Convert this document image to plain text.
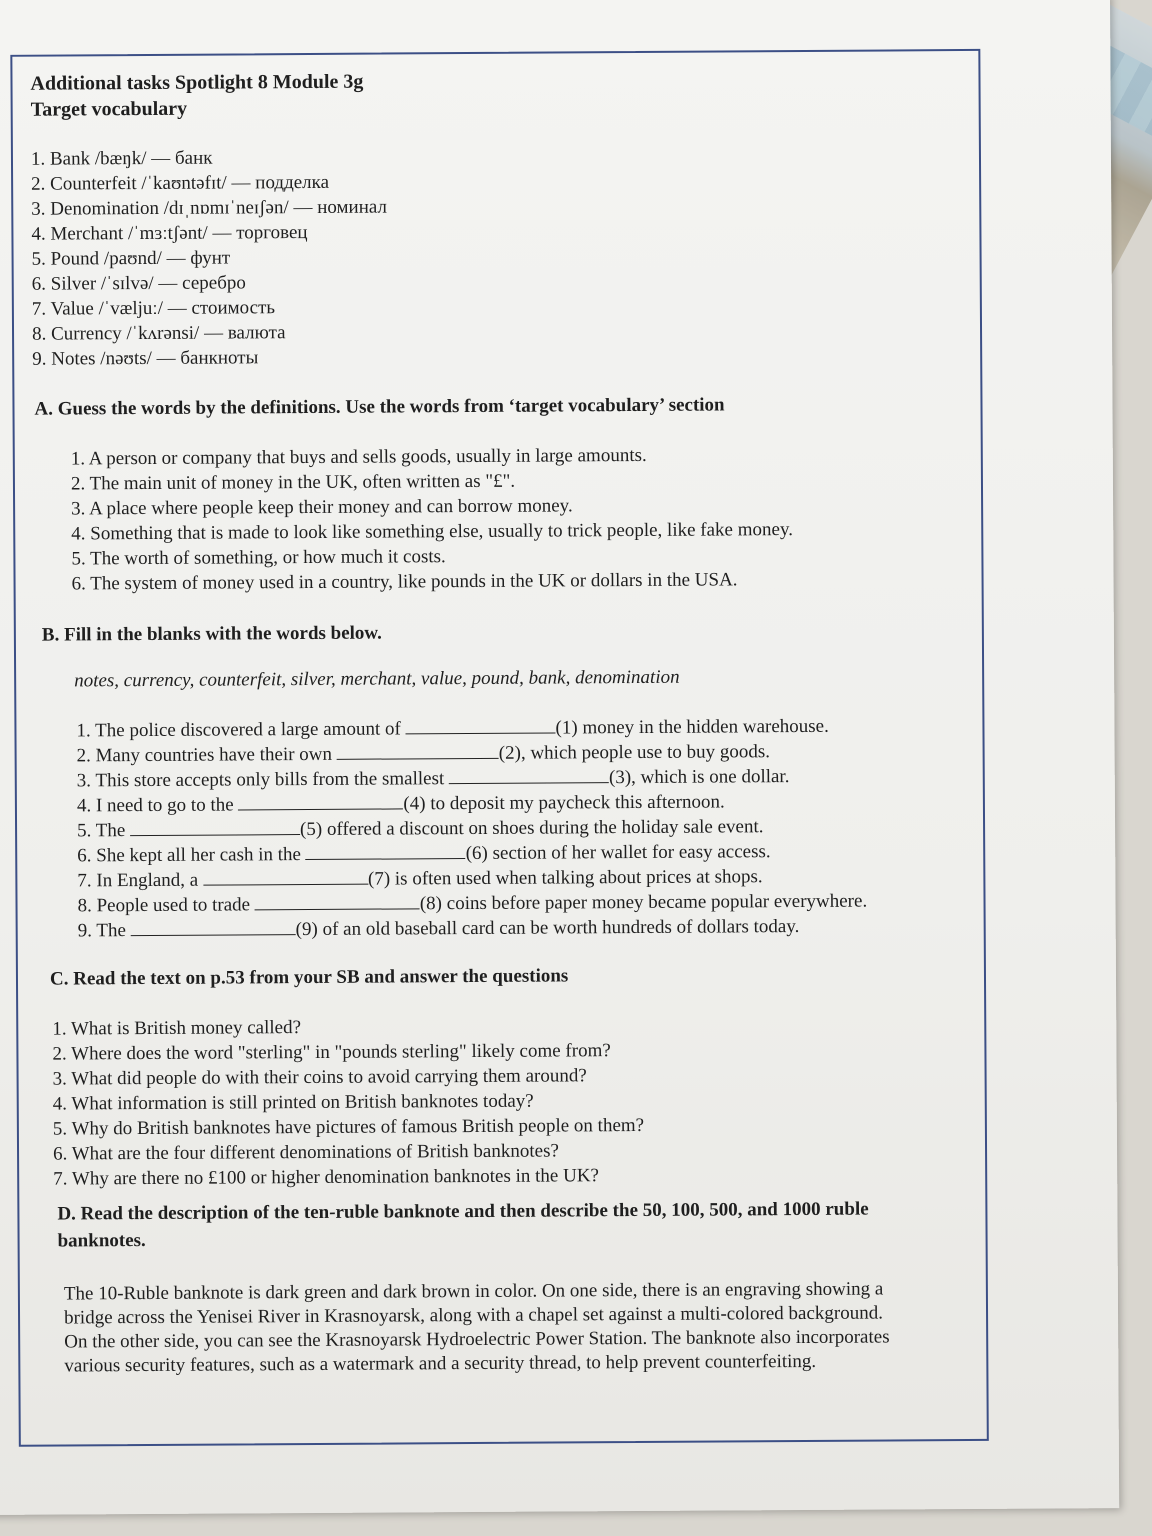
Additional tasks Spotlight 8 Module 3g
Target vocabulary
1. Bank /bæŋk/ — банк
2. Counterfeit /ˈkaʊntəfɪt/ — подделка
3. Denomination /dɪˌnɒmɪˈneɪʃən/ — номинал
4. Merchant /ˈmɜːtʃənt/ — торговец
5. Pound /paʊnd/ — фунт
6. Silver /ˈsɪlvə/ — серебро
7. Value /ˈvæljuː/ — стоимость
8. Currency /ˈkʌrənsi/ — валюта
9. Notes /nəʊts/ — банкноты
A. Guess the words by the definitions. Use the words from ‘target vocabulary’ section
1. A person or company that buys and sells goods, usually in large amounts.
2. The main unit of money in the UK, often written as "£".
3. A place where people keep their money and can borrow money.
4. Something that is made to look like something else, usually to trick people, like fake money.
5. The worth of something, or how much it costs.
6. The system of money used in a country, like pounds in the UK or dollars in the USA.
B. Fill in the blanks with the words below.
notes, currency, counterfeit, silver, merchant, value, pound, bank, denomination
1. The police discovered a large amount of	(1) money in the hidden warehouse.
2. Many countries have their own	(2), which people use to buy goods.
3. This store accepts only bills from the smallest	(3), which is one dollar.
4. I need to go to the	(4) to deposit my paycheck this afternoon.
5. The	(5) offered a discount on shoes during the holiday sale event.
6. She kept all her cash in the	(6) section of her wallet for easy access.
7. In England, a	(7) is often used when talking about prices at shops.
8. People used to trade	(8) coins before paper money became popular everywhere.
9. The	(9) of an old baseball card can be worth hundreds of dollars today.
C. Read the text on p.53 from your SB and answer the questions
1. What is British money called?
2. Where does the word "sterling" in "pounds sterling" likely come from?
3. What did people do with their coins to avoid carrying them around?
4. What information is still printed on British banknotes today?
5. Why do British banknotes have pictures of famous British people on them?
6. What are the four different denominations of British banknotes?
7. Why are there no £100 or higher denomination banknotes in the UK?
D. Read the description of the ten-ruble banknote and then describe the 50, 100, 500, and 1000 ruble
banknotes.
The 10-Ruble banknote is dark green and dark brown in color. On one side, there is an engraving showing a
bridge across the Yenisei River in Krasnoyarsk, along with a chapel set against a multi-colored background.
On the other side, you can see the Krasnoyarsk Hydroelectric Power Station. The banknote also incorporates
various security features, such as a watermark and a security thread, to help prevent counterfeiting.
